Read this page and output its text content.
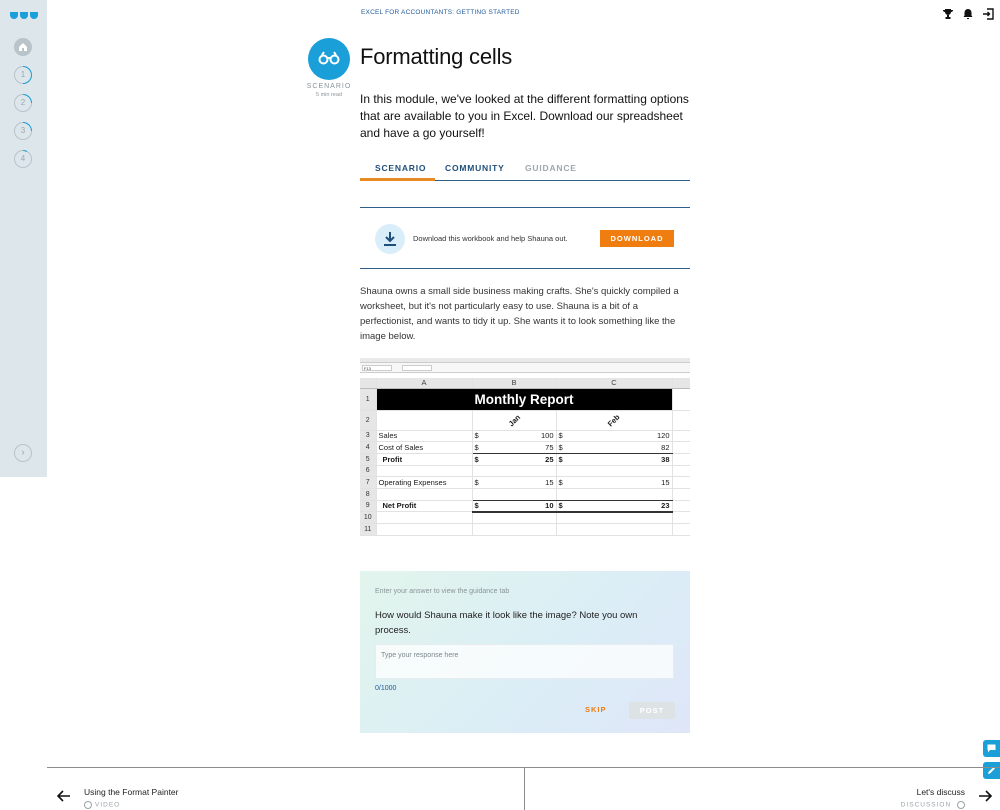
1
2
3
4
›
EXCEL FOR ACCOUNTANTS: GETTING STARTED
SCENARIO
5 min read
Formatting cells
In this module, we've looked at the different formatting options that are available to you in Excel. Download our spreadsheet and have a go yourself!
SCENARIO COMMUNITY GUIDANCE
Download this workbook and help Shauna out.	DOWNLOAD
Shauna owns a small side business making crafts. She's quickly compiled a worksheet, but it's not particularly easy to use. Shauna is a bit of a perfectionist, and wants to tidy it up. She wants it to look something like the image below.
F13
	A	B	C	
1	Monthly Report			
2		Jan	Feb	
3	Sales	$ 100	$ 120	
4	Cost of Sales	$ 75	$ 82	
5	Profit	$ 25	$ 38	
6				
7	Operating Expenses	$ 15	$ 15	
8				
9	Net Profit	$ 10	$ 23	
10				
11				
Enter your answer to view the guidance tab
How would Shauna make it look like the image? Note you own process.
Type your response here
0/1000
SKIP	POST
Using the Format Painter
VIDEO
Let's discuss
DISCUSSION
